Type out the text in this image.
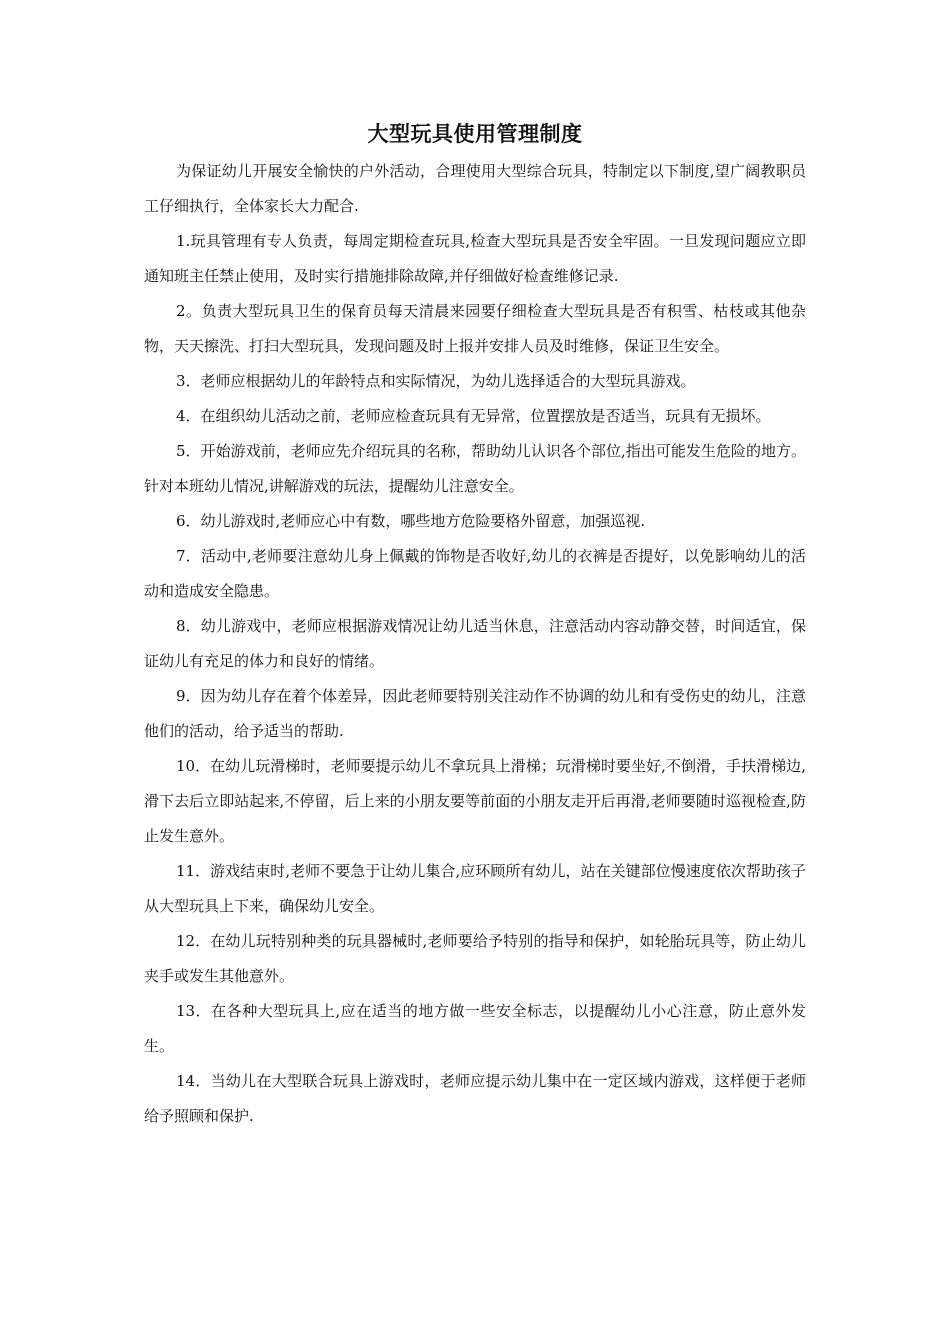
大型玩具使用管理制度

为保证幼儿开展安全愉快的户外活动，合理使用大型综合玩具，特制定以下制度,望广阔教职员工仔细执行，全体家长大力配合.

1.玩具管理有专人负责，每周定期检查玩具,检查大型玩具是否安全牢固。一旦发现问题应立即通知班主任禁止使用，及时实行措施排除故障,并仔细做好检查维修记录.

2。负责大型玩具卫生的保育员每天清晨来园要仔细检查大型玩具是否有积雪、枯枝或其他杂物，天天擦洗、打扫大型玩具，发现问题及时上报并安排人员及时维修，保证卫生安全。

3．老师应根据幼儿的年龄特点和实际情况，为幼儿选择适合的大型玩具游戏。

4．在组织幼儿活动之前，老师应检查玩具有无异常，位置摆放是否适当，玩具有无损坏。

5．开始游戏前，老师应先介绍玩具的名称，帮助幼儿认识各个部位,指出可能发生危险的地方。针对本班幼儿情况,讲解游戏的玩法，提醒幼儿注意安全。

6．幼儿游戏时,老师应心中有数，哪些地方危险要格外留意，加强巡视.

7．活动中,老师要注意幼儿身上佩戴的饰物是否收好,幼儿的衣裤是否提好，以免影响幼儿的活动和造成安全隐患。

8．幼儿游戏中，老师应根据游戏情况让幼儿适当休息，注意活动内容动静交替，时间适宜，保证幼儿有充足的体力和良好的情绪。

9．因为幼儿存在着个体差异，因此老师要特别关注动作不协调的幼儿和有受伤史的幼儿，注意他们的活动，给予适当的帮助.

10．在幼儿玩滑梯时，老师要提示幼儿不拿玩具上滑梯；玩滑梯时要坐好,不倒滑，手扶滑梯边,滑下去后立即站起来,不停留，后上来的小朋友要等前面的小朋友走开后再滑,老师要随时巡视检查,防止发生意外。

11．游戏结束时,老师不要急于让幼儿集合,应环顾所有幼儿，站在关键部位慢速度依次帮助孩子从大型玩具上下来，确保幼儿安全。

12．在幼儿玩特别种类的玩具器械时,老师要给予特别的指导和保护，如轮胎玩具等，防止幼儿夹手或发生其他意外。

13．在各种大型玩具上,应在适当的地方做一些安全标志，以提醒幼儿小心注意，防止意外发生。

14．当幼儿在大型联合玩具上游戏时，老师应提示幼儿集中在一定区域内游戏，这样便于老师给予照顾和保护.
